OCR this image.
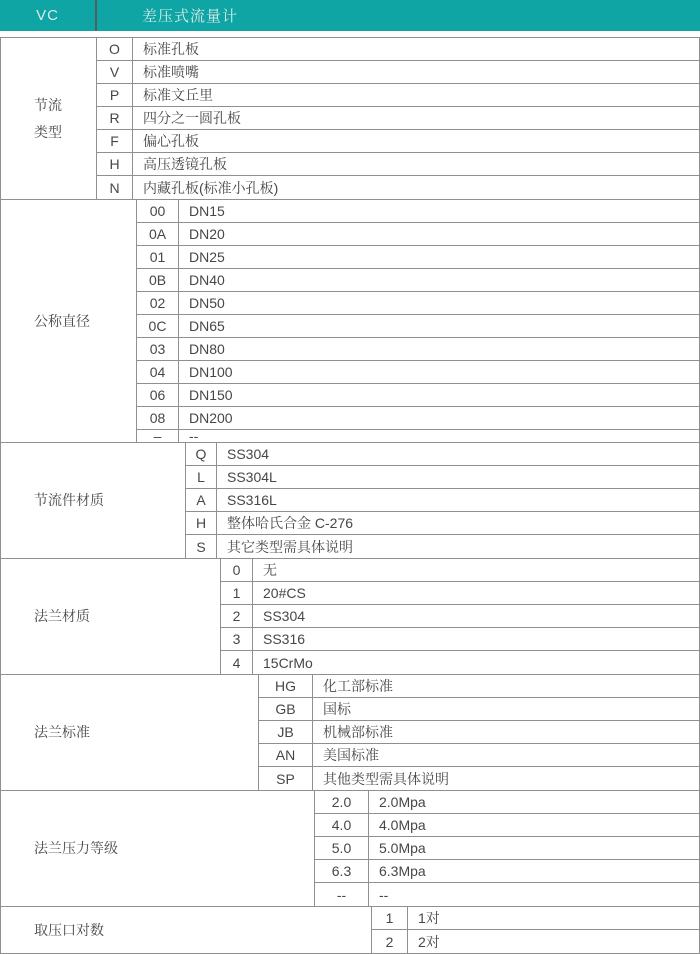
VC	差压式流量计
节流
类型
O	标准孔板
V	标准喷嘴
P	标准文丘里
R	四分之一圆孔板
F	偏心孔板
H	高压透镜孔板
N	内藏孔板(标准小孔板)
公称直径
00	DN15
0A	DN20
01	DN25
0B	DN40
02	DN50
0C	DN65
03	DN80
04	DN100
06	DN150
08	DN200
–	--
节流件材质
Q	SS304
L	SS304L
A	SS316L
H	整体哈氏合金 C-276
S	其它类型需具体说明
法兰材质
0	无
1	20#CS
2	SS304
3	SS316
4	15CrMo
法兰标准
HG	化工部标准
GB	国标
JB	机械部标准
AN	美国标准
SP	其他类型需具体说明
法兰压力等级
2.0	2.0Mpa
4.0	4.0Mpa
5.0	5.0Mpa
6.3	6.3Mpa
--	--
取压口对数
1	1对
2	2对
